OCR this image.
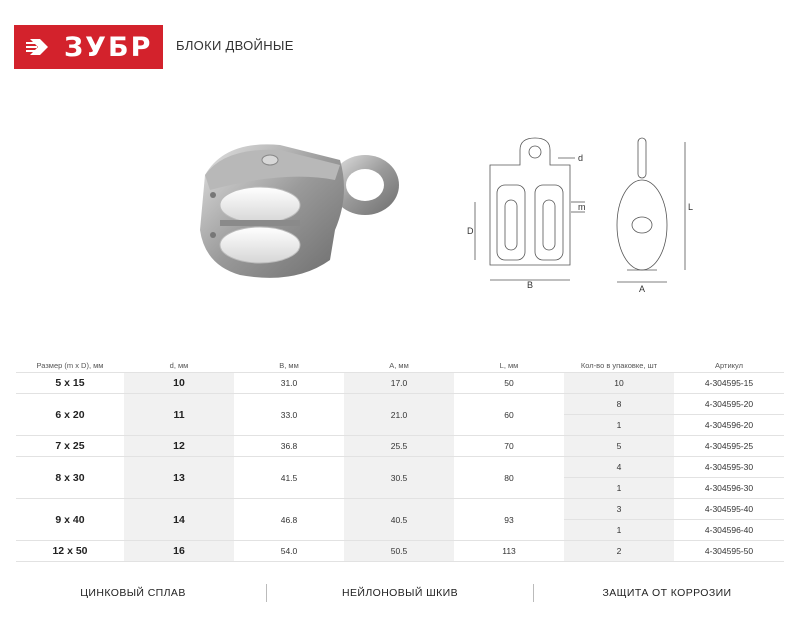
ЗУБР БЛОКИ ДВОЙНЫЕ
d
m
D
B
L
A
Размер (m x D), мм	d, мм	B, мм	A, мм	L, мм	Кол-во в упаковке, шт	Артикул
5 x 15	10	31.0	17.0	50	10	4-304595-15
6 x 20	11	33.0	21.0	60	8	4-304595-20
					1	4-304596-20
7 x 25	12	36.8	25.5	70	5	4-304595-25
8 x 30	13	41.5	30.5	80	4	4-304595-30
					1	4-304596-30
9 x 40	14	46.8	40.5	93	3	4-304595-40
					1	4-304596-40
12 x 50	16	54.0	50.5	113	2	4-304595-50
ЦИНКОВЫЙ СПЛАВ	НЕЙЛОНОВЫЙ ШКИВ	ЗАЩИТА ОТ КОРРОЗИИ
